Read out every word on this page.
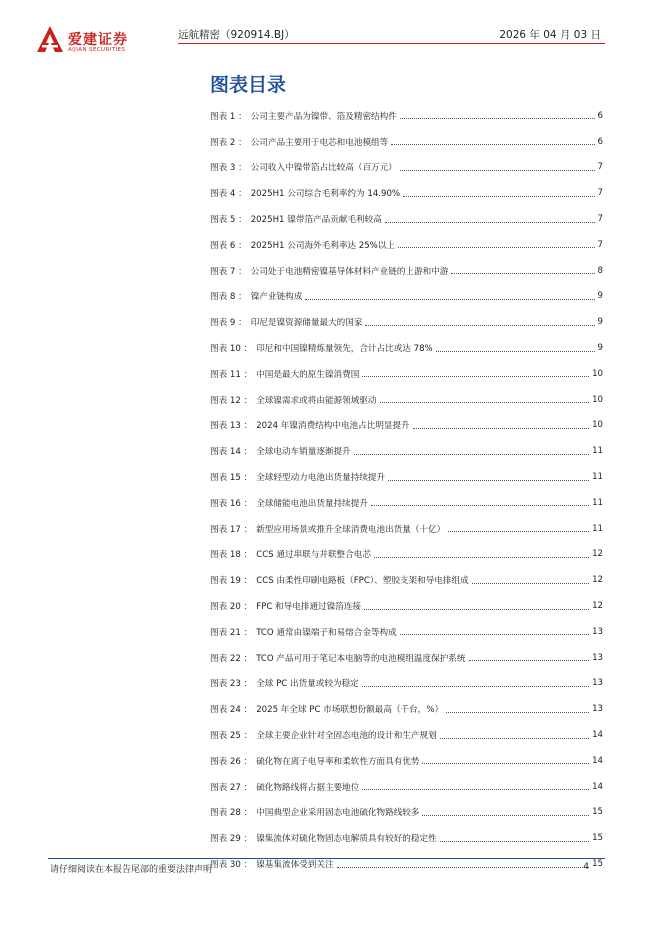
爱建证券
AIJIAN SECURITIES
远航精密（920914.BJ）	2026 年 04 月 03 日
图表目录
图表 1 ： 公司主要产品为镍带、箔及精密结构件	6
图表 2 ： 公司产品主要用于电芯和电池模组等	6
图表 3 ： 公司收入中镍带箔占比较高（百万元）	7
图表 4 ： 2025H1 公司综合毛利率约为 14.90%	7
图表 5 ： 2025H1 镍带箔产品贡献毛利较高	7
图表 6 ： 2025H1 公司海外毛利率达 25%以上	7
图表 7 ： 公司处于电池精密镍基导体材料产业链的上游和中游	8
图表 8 ： 镍产业链构成	9
图表 9 ： 印尼是镍资源储量最大的国家	9
图表 10 ： 印尼和中国镍精炼量领先，合计占比或达 78%	9
图表 11 ： 中国是最大的原生镍消费国	10
图表 12 ： 全球镍需求或将由能源领域驱动	10
图表 13 ： 2024 年镍消费结构中电池占比明显提升	10
图表 14 ： 全球电动车销量逐渐提升	11
图表 15 ： 全球轻型动力电池出货量持续提升	11
图表 16 ： 全球储能电池出货量持续提升	11
图表 17 ： 新型应用场景或推升全球消费电池出货量（十亿）	11
图表 18 ： CCS 通过串联与并联整合电芯	12
图表 19 ： CCS 由柔性印刷电路板（FPC）、塑胶支架和导电排组成	12
图表 20 ： FPC 和导电排通过镍箔连接	12
图表 21 ： TCO 通常由镍端子和易熔合金等构成	13
图表 22 ： TCO 产品可用于笔记本电脑等的电池模组温度保护系统	13
图表 23 ： 全球 PC 出货量或较为稳定	13
图表 24 ： 2025 年全球 PC 市场联想份额最高（千台，%）	13
图表 25 ： 全球主要企业针对全固态电池的设计和生产规划	14
图表 26 ： 硫化物在离子电导率和柔软性方面具有优势	14
图表 27 ： 硫化物路线将占据主要地位	14
图表 28 ： 中国典型企业采用固态电池硫化物路线较多	15
图表 29 ： 镍集流体对硫化物固态电解质具有较好的稳定性	15
图表 30 ： 镍基集流体受到关注	15
请仔细阅读在本报告尾部的重要法律声明	4
